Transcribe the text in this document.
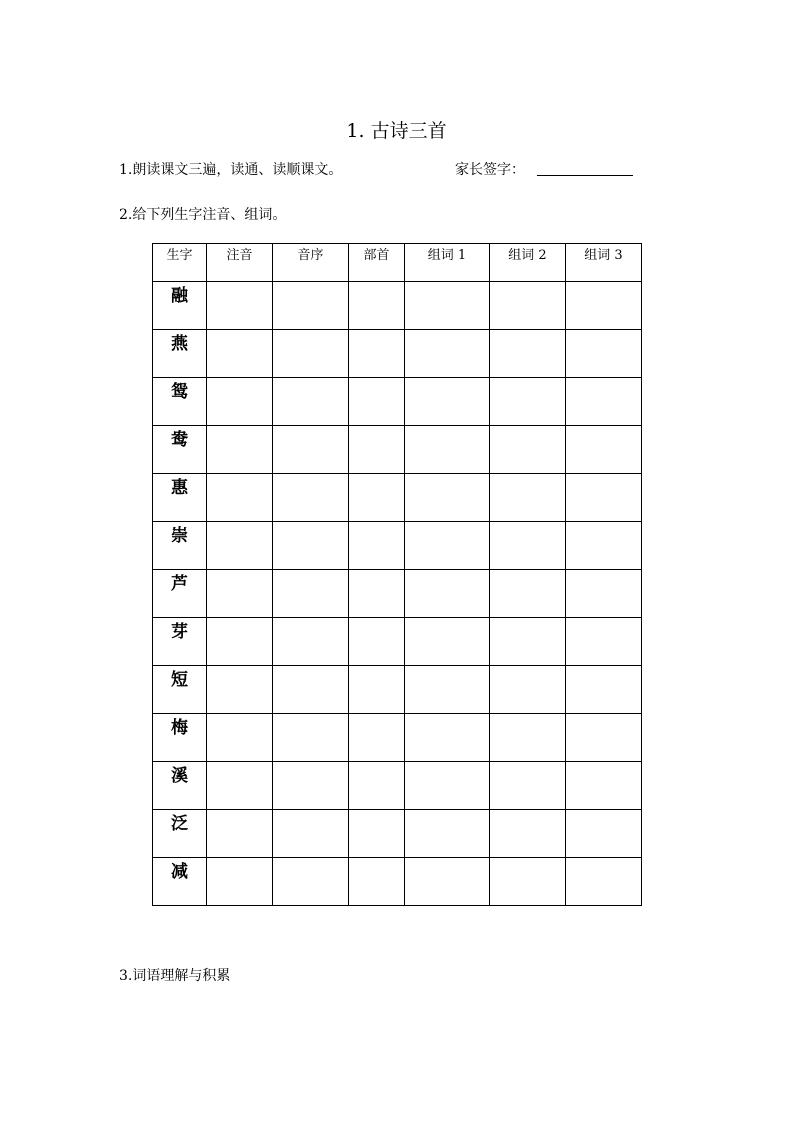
1. 古诗三首
1.朗读课文三遍，读通、读顺课文。	家长签字：
2.给下列生字注音、组词。
生字	注音	音序	部首	组词 1	组词 2	组词 3
融						
燕						
鸳						
鸯						
惠						
崇						
芦						
芽						
短						
梅						
溪						
泛						
减						
3.词语理解与积累
